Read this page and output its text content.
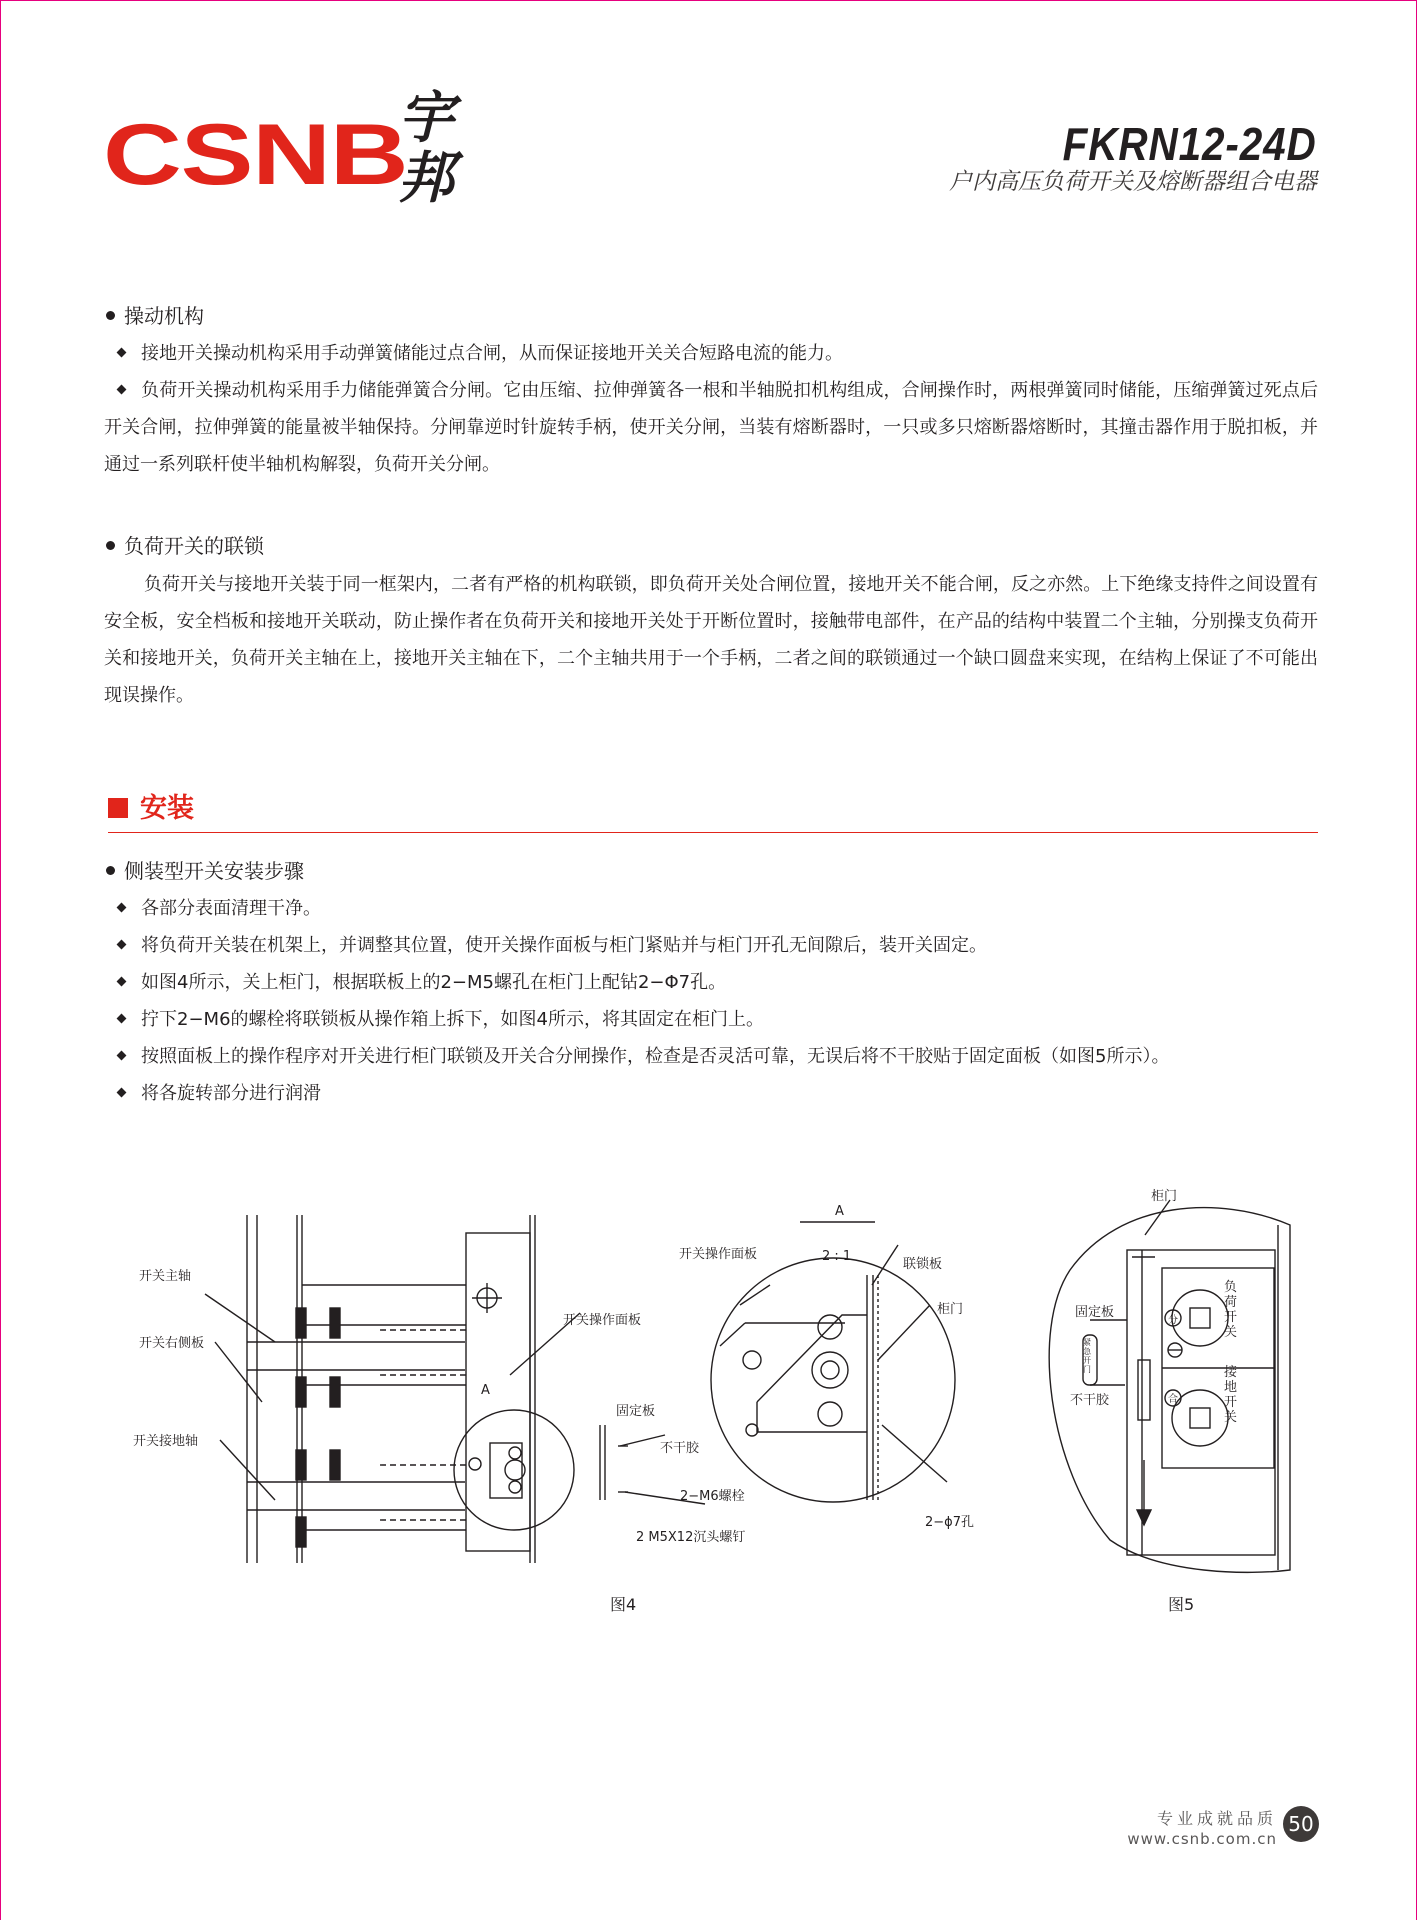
CSNB
宇邦
FKRN12-24D
户内高压负荷开关及熔断器组合电器
操动机构
接地开关操动机构采用手动弹簧储能过点合闸，从而保证接地开关关合短路电流的能力。
负荷开关操动机构采用手力储能弹簧合分闸。它由压缩、拉伸弹簧各一根和半轴脱扣机构组成，合闸操作时，两根弹簧同时储能，压缩弹簧过死点后开关合闸，拉伸弹簧的能量被半轴保持。分闸靠逆时针旋转手柄，使开关分闸，当装有熔断器时，一只或多只熔断器熔断时，其撞击器作用于脱扣板，并通过一系列联杆使半轴机构解裂，负荷开关分闸。
负荷开关的联锁
负荷开关与接地开关装于同一框架内，二者有严格的机构联锁，即负荷开关处合闸位置，接地开关不能合闸，反之亦然。上下绝缘支持件之间设置有安全板，安全档板和接地开关联动，防止操作者在负荷开关和接地开关处于开断位置时，接触带电部件，在产品的结构中装置二个主轴，分别操支负荷开关和接地开关，负荷开关主轴在上，接地开关主轴在下，二个主轴共用于一个手柄，二者之间的联锁通过一个缺口圆盘来实现，在结构上保证了不可能出现误操作。
安装
侧装型开关安装步骤
各部分表面清理干净。
将负荷开关装在机架上，并调整其位置，使开关操作面板与柜门紧贴并与柜门开孔无间隙后，装开关固定。
如图4所示，关上柜门，根据联板上的2−M5螺孔在柜门上配钻2−Φ7孔。
拧下2−M6的螺栓将联锁板从操作箱上拆下，如图4所示，将其固定在柜门上。
按照面板上的操作程序对开关进行柜门联锁及开关合分闸操作，检查是否灵活可靠，无误后将不干胶贴于固定面板（如图5所示）。
将各旋转部分进行润滑
开关主轴
开关右侧板
开关接地轴
开关操作面板
A
固定板
不干胶
2−M6螺栓
2 M5X12沉头螺钉
A
2 : 1
开关操作面板
联锁板
柜门
2−ϕ7孔
图4
柜门
固定板
不干胶
紧急开门
负荷开关
接地开关
分
合
图5
专业成就品质
www.csnb.com.cn
50
